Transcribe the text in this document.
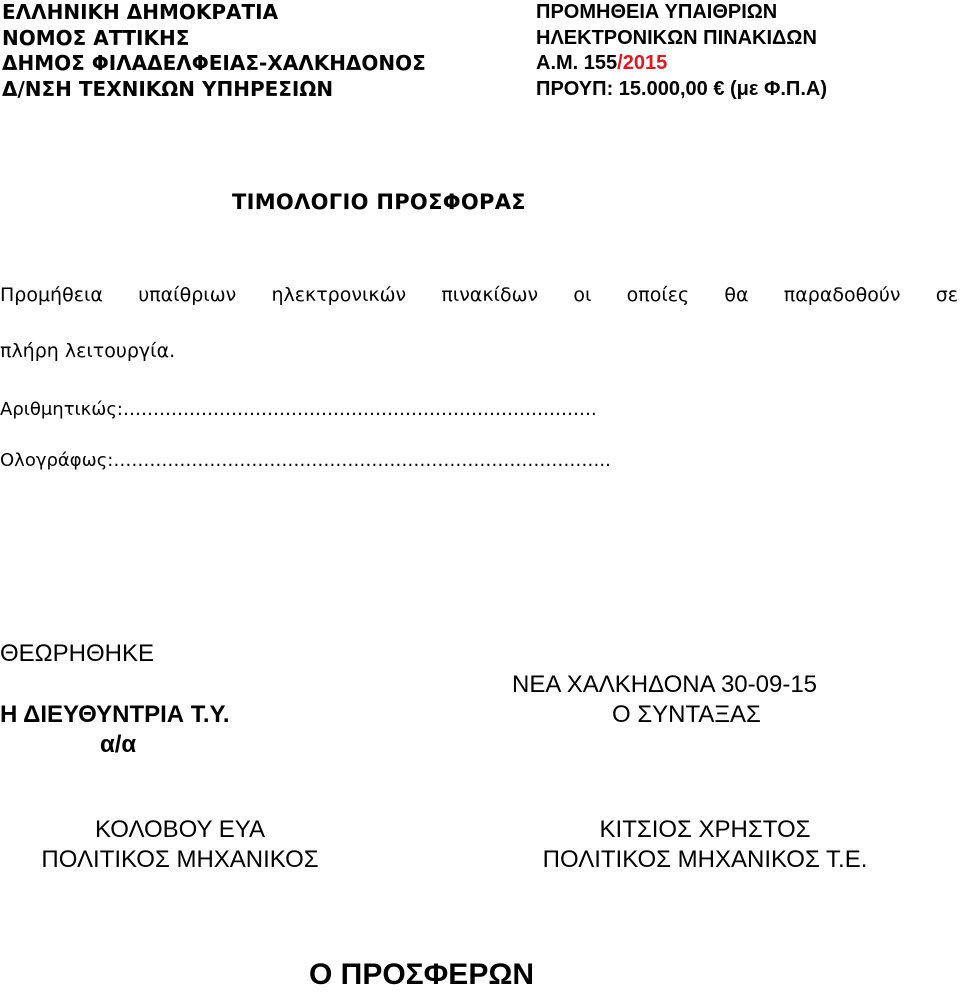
ΕΛΛΗΝΙΚΗ ΔΗΜΟΚΡΑΤΙΑ
ΝΟΜΟΣ ΑΤΤΙΚΗΣ
ΔΗΜΟΣ ΦΙΛΑΔΕΛΦΕΙΑΣ-ΧΑΛΚΗΔΟΝΟΣ
Δ/ΝΣΗ ΤΕΧΝΙΚΩΝ ΥΠΗΡΕΣΙΩΝ
ΠΡΟΜΗΘΕΙΑ ΥΠΑΙΘΡΙΩΝ
ΗΛΕΚΤΡΟΝΙΚΩΝ ΠΙΝΑΚΙΔΩΝ
Α.Μ. 155/2015
ΠΡΟΥΠ: 15.000,00 € (με Φ.Π.Α)
ΤΙΜΟΛΟΓΙΟ ΠΡΟΣΦΟΡΑΣ
Προμήθεια υπαίθριων ηλεκτρονικών πινακίδων οι οποίες θα παραδοθούν σε
πλήρη λειτουργία.
Αριθμητικώς:…………………………………………………………………….
Ολογράφως:………………………………………………………………………..
ΘΕΩΡΗΘΗΚΕ
Η ΔΙΕΥΘΥΝΤΡΙΑ Τ.Υ.
α/α
ΚΟΛΟΒΟΥ ΕΥΑ
ΠΟΛΙΤΙΚΟΣ ΜΗΧΑΝΙΚΟΣ
ΝΕΑ ΧΑΛΚΗΔΟΝΑ 30-09-15
Ο ΣΥΝΤΑΞΑΣ
ΚΙΤΣΙΟΣ ΧΡΗΣΤΟΣ
ΠΟΛΙΤΙΚΟΣ ΜΗΧΑΝΙΚΟΣ Τ.Ε.
Ο ΠΡΟΣΦΕΡΩΝ
